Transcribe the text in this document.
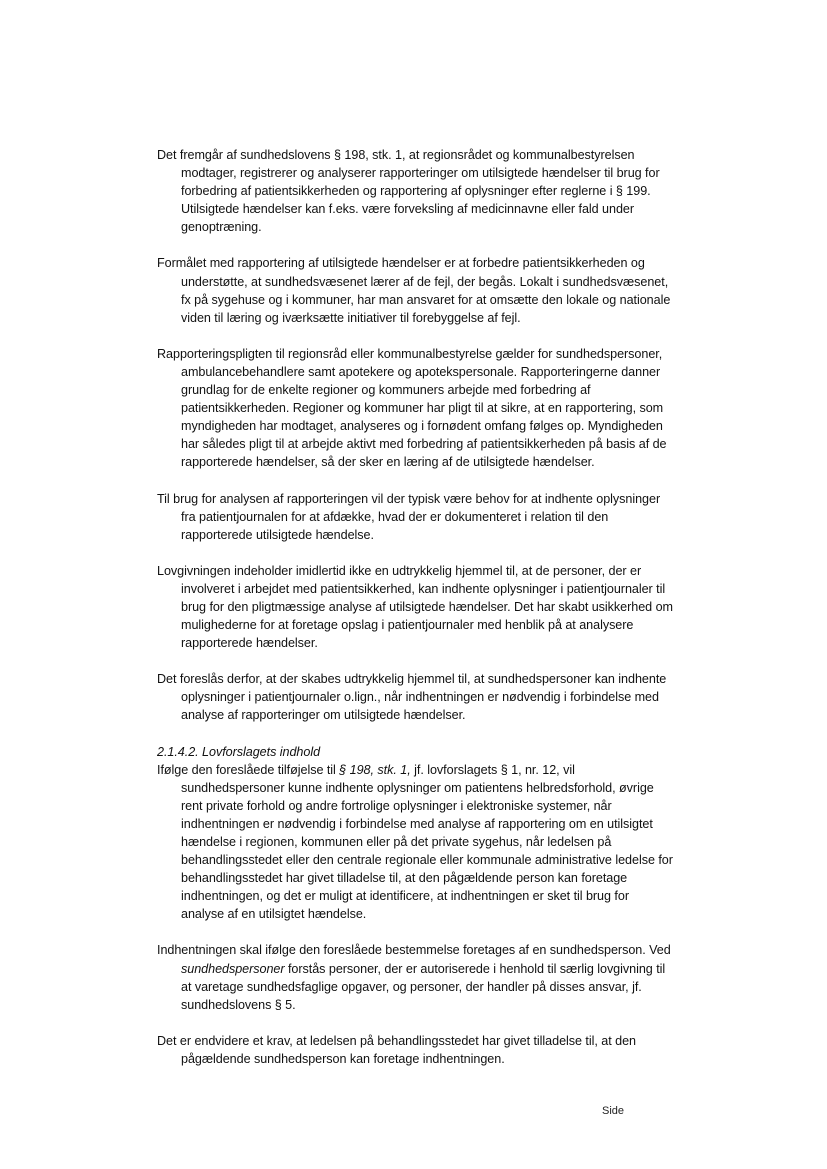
Det fremgår af sundhedslovens § 198, stk. 1, at regionsrådet og kommunalbestyrelsen modtager, registrerer og analyserer rapporteringer om utilsigtede hændelser til brug for forbedring af patientsikkerheden og rapportering af oplysninger efter reglerne i § 199. Utilsigtede hændelser kan f.eks. være forveksling af medicinnavne eller fald under genoptræning.

Formålet med rapportering af utilsigtede hændelser er at forbedre patientsikkerheden og understøtte, at sundhedsvæsenet lærer af de fejl, der begås. Lokalt i sundhedsvæsenet, fx på sygehuse og i kommuner, har man ansvaret for at omsætte den lokale og nationale viden til læring og iværksætte initiativer til forebyggelse af fejl.

Rapporteringspligten til regionsråd eller kommunalbestyrelse gælder for sundhedspersoner, ambulancebehandlere samt apotekere og apotekspersonale. Rapporteringerne danner grundlag for de enkelte regioner og kommuners arbejde med forbedring af patientsikkerheden. Regioner og kommuner har pligt til at sikre, at en rapportering, som myndigheden har modtaget, analyseres og i fornødent omfang følges op. Myndigheden har således pligt til at arbejde aktivt med forbedring af patientsikkerheden på basis af de rapporterede hændelser, så der sker en læring af de utilsigtede hændelser.

Til brug for analysen af rapporteringen vil der typisk være behov for at indhente oplysninger fra patientjournalen for at afdække, hvad der er dokumenteret i relation til den rapporterede utilsigtede hændelse.

Lovgivningen indeholder imidlertid ikke en udtrykkelig hjemmel til, at de personer, der er involveret i arbejdet med patientsikkerhed, kan indhente oplysninger i patientjournaler til brug for den pligtmæssige analyse af utilsigtede hændelser. Det har skabt usikkerhed om mulighederne for at foretage opslag i patientjournaler med henblik på at analysere rapporterede hændelser.

Det foreslås derfor, at der skabes udtrykkelig hjemmel til, at sundhedspersoner kan indhente oplysninger i patientjournaler o.lign., når indhentningen er nødvendig i forbindelse med analyse af rapporteringer om utilsigtede hændelser.

2.1.4.2. Lovforslagets indhold

Ifølge den foreslåede tilføjelse til § 198, stk. 1, jf. lovforslagets § 1, nr. 12, vil sundhedspersoner kunne indhente oplysninger om patientens helbredsforhold, øvrige rent private forhold og andre fortrolige oplysninger i elektroniske systemer, når indhentningen er nødvendig i forbindelse med analyse af rapportering om en utilsigtet hændelse i regionen, kommunen eller på det private sygehus, når ledelsen på behandlingsstedet eller den centrale regionale eller kommunale administrative ledelse for behandlingsstedet har givet tilladelse til, at den pågældende person kan foretage indhentningen, og det er muligt at identificere, at indhentningen er sket til brug for analyse af en utilsigtet hændelse.

Indhentningen skal ifølge den foreslåede bestemmelse foretages af en sundhedsperson. Ved sundhedspersoner forstås personer, der er autoriserede i henhold til særlig lovgivning til at varetage sundhedsfaglige opgaver, og personer, der handler på disses ansvar, jf. sundhedslovens § 5.

Det er endvidere et krav, at ledelsen på behandlingsstedet har givet tilladelse til, at den pågældende sundhedsperson kan foretage indhentningen.

Side
